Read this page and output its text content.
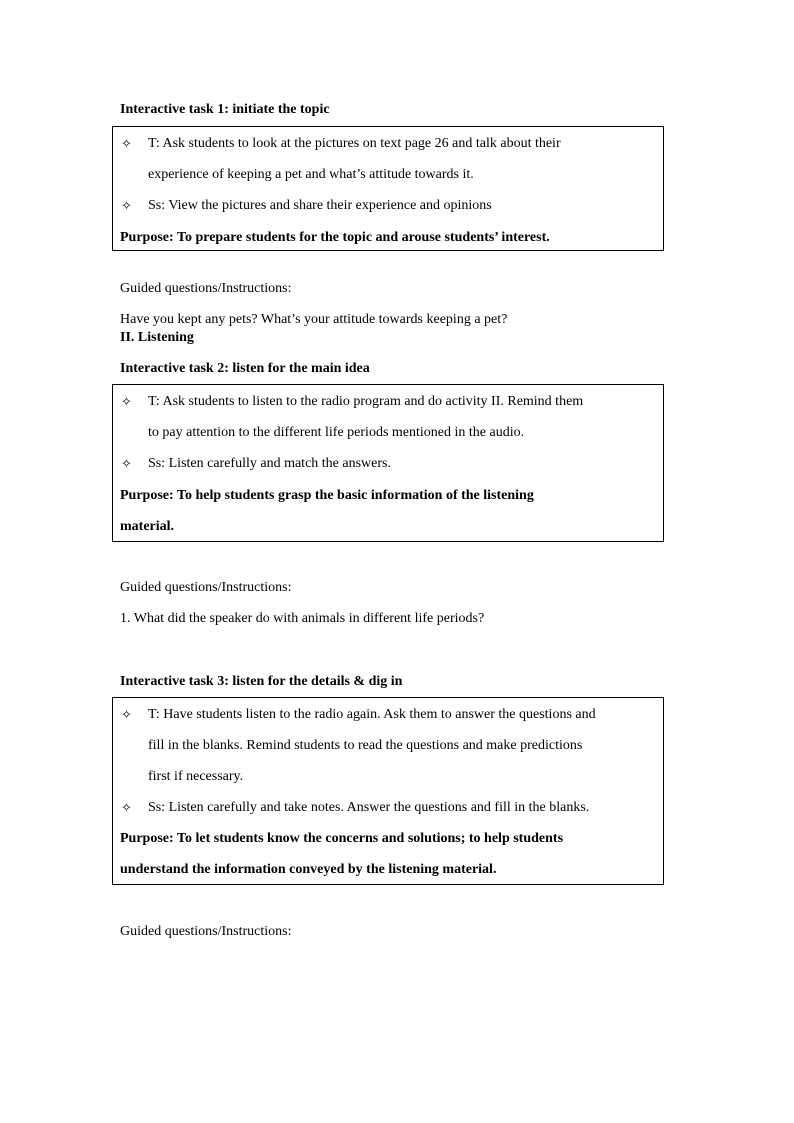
Interactive task 1: initiate the topic
✧ T: Ask students to look at the pictures on text page 26 and talk about their
experience of keeping a pet and what’s attitude towards it.
✧ Ss: View the pictures and share their experience and opinions
Purpose: To prepare students for the topic and arouse students’ interest.
Guided questions/Instructions:
Have you kept any pets? What’s your attitude towards keeping a pet?
II. Listening
Interactive task 2: listen for the main idea
✧ T: Ask students to listen to the radio program and do activity II. Remind them
to pay attention to the different life periods mentioned in the audio.
✧ Ss: Listen carefully and match the answers.
Purpose: To help students grasp the basic information of the listening
material.
Guided questions/Instructions:
1. What did the speaker do with animals in different life periods?
Interactive task 3: listen for the details & dig in
✧ T: Have students listen to the radio again. Ask them to answer the questions and
fill in the blanks. Remind students to read the questions and make predictions
first if necessary.
✧ Ss: Listen carefully and take notes. Answer the questions and fill in the blanks.
Purpose: To let students know the concerns and solutions; to help students
understand the information conveyed by the listening material.
Guided questions/Instructions:
